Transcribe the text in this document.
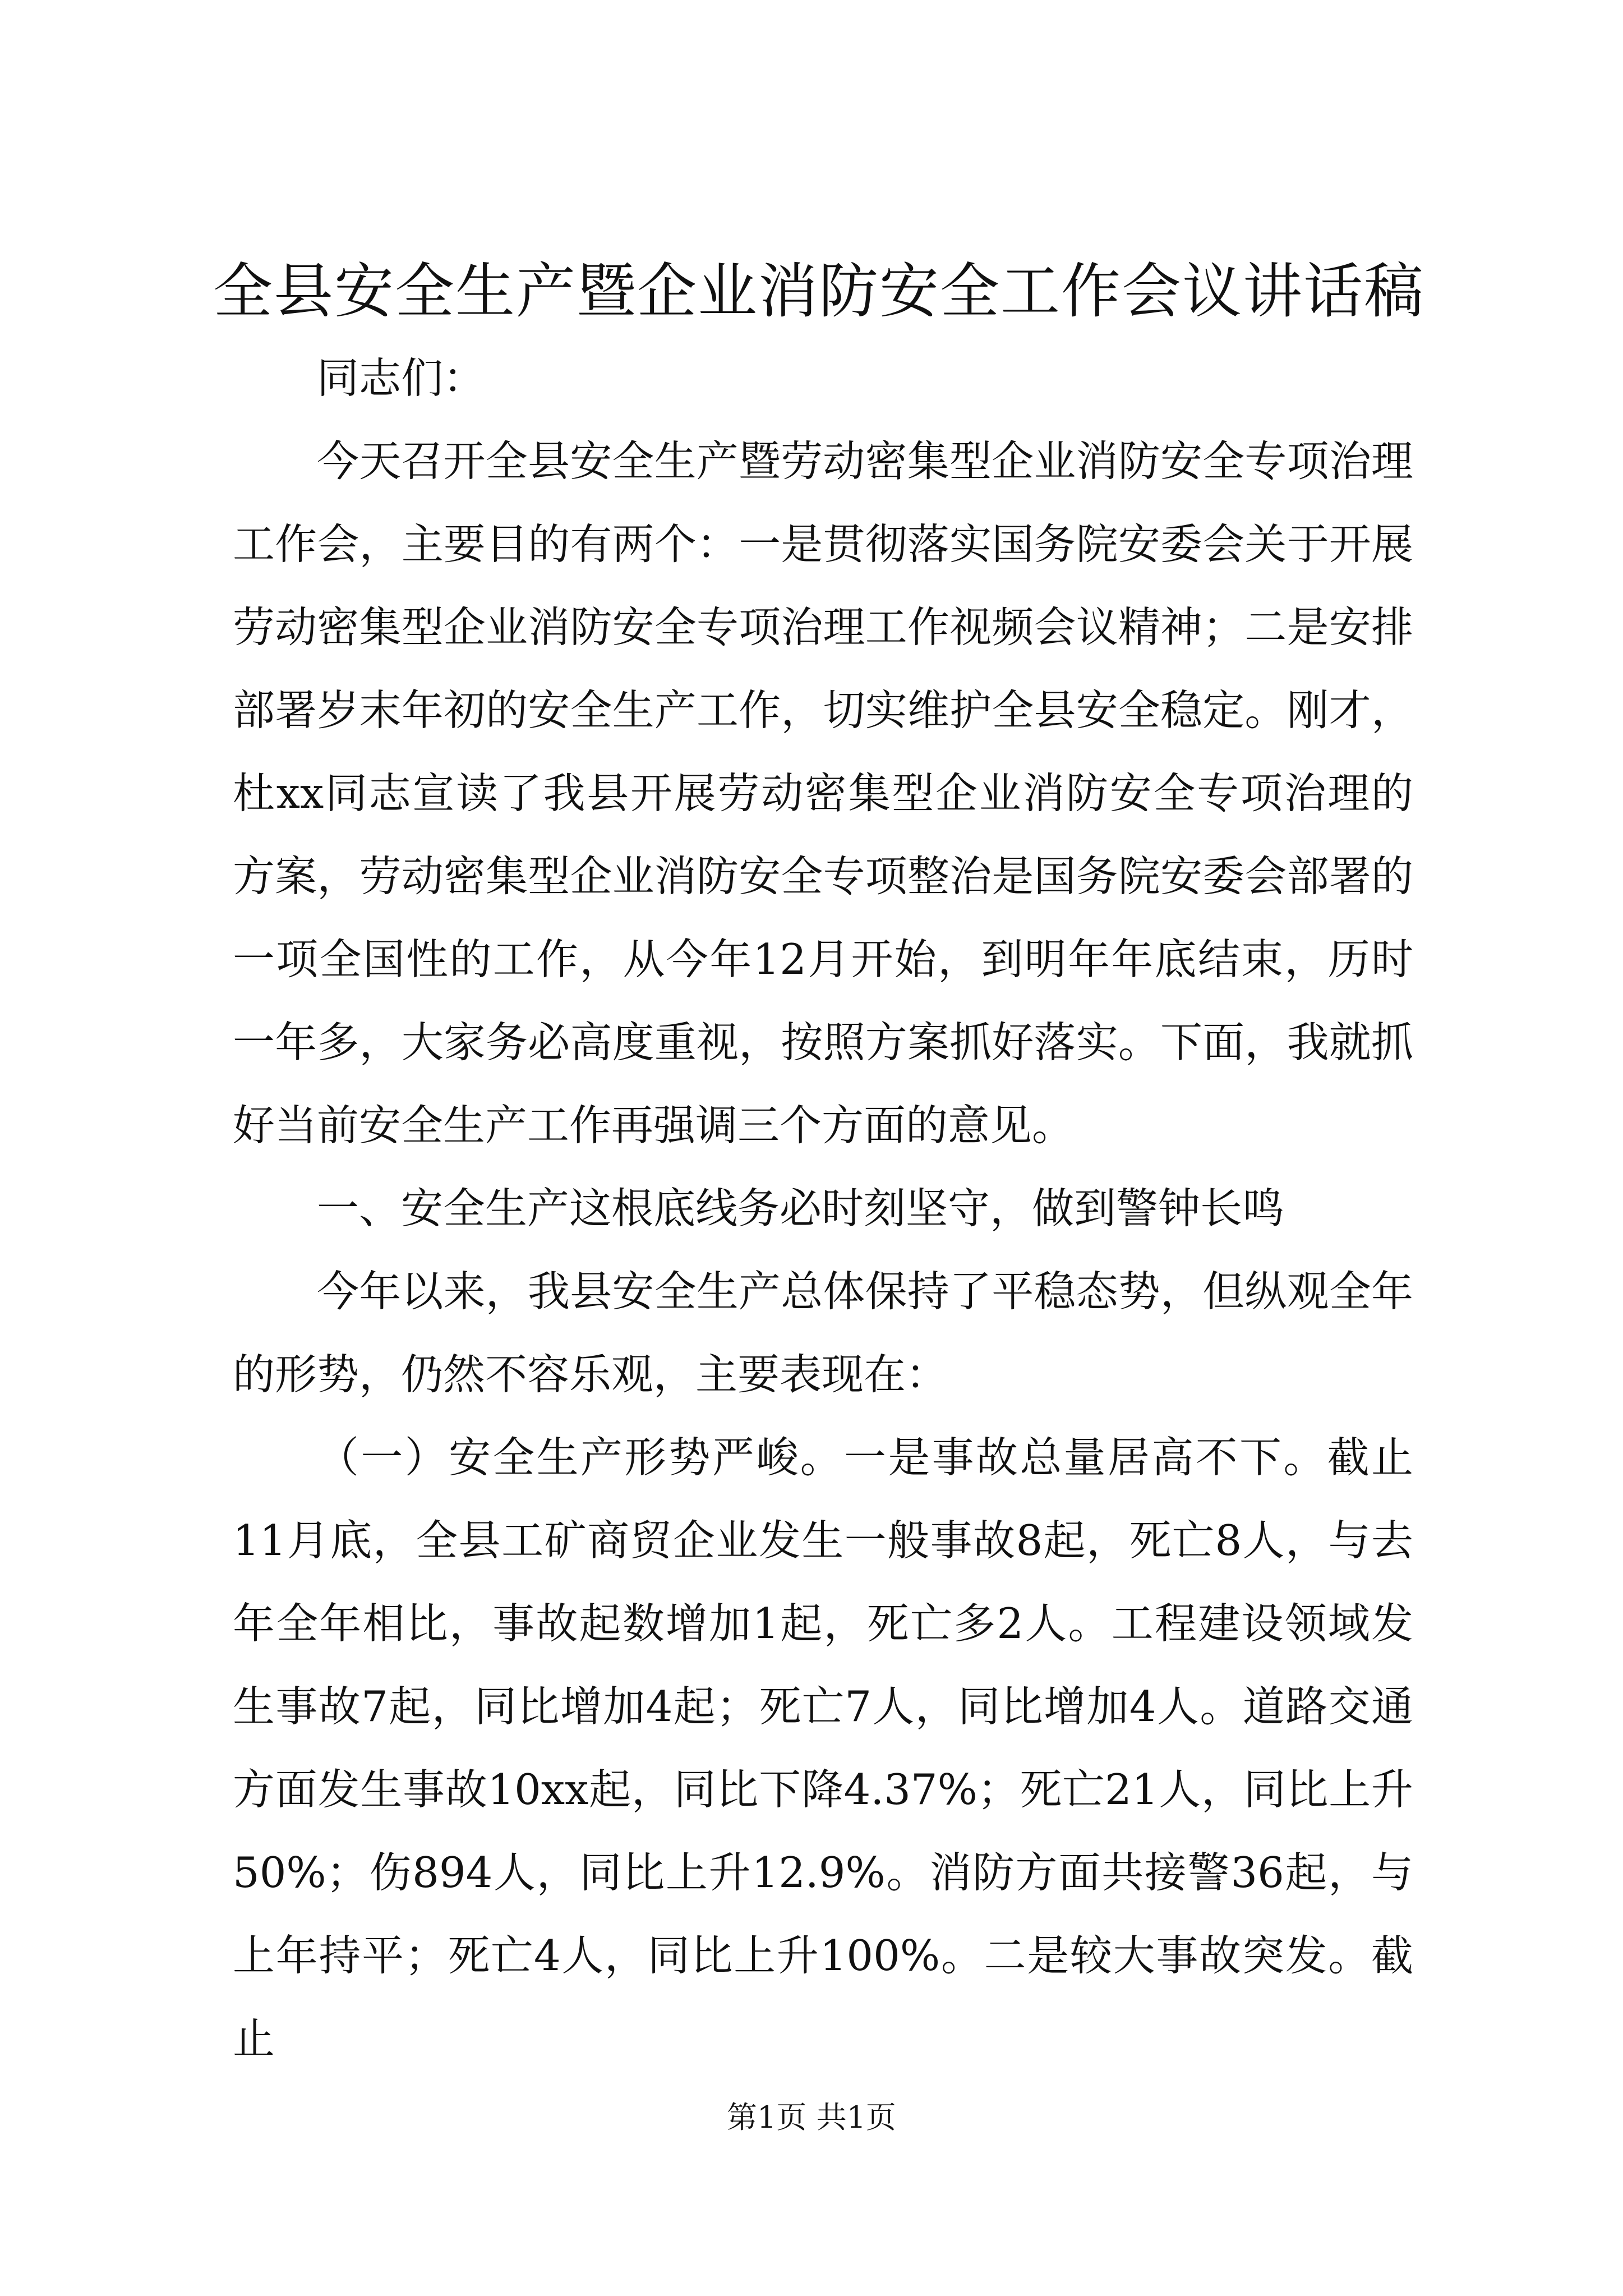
全县安全生产暨企业消防安全工作会议讲话稿

同志们：

今天召开全县安全生产暨劳动密集型企业消防安全专项治理工作会，主要目的有两个：一是贯彻落实国务院安委会关于开展劳动密集型企业消防安全专项治理工作视频会议精神；二是安排部署岁末年初的安全生产工作，切实维护全县安全稳定。刚才，杜xx同志宣读了我县开展劳动密集型企业消防安全专项治理的方案，劳动密集型企业消防安全专项整治是国务院安委会部署的一项全国性的工作，从今年12月开始，到明年年底结束，历时一年多，大家务必高度重视，按照方案抓好落实。下面，我就抓好当前安全生产工作再强调三个方面的意见。

一、安全生产这根底线务必时刻坚守，做到警钟长鸣

今年以来，我县安全生产总体保持了平稳态势，但纵观全年的形势，仍然不容乐观，主要表现在：

（一）安全生产形势严峻。一是事故总量居高不下。截止11月底，全县工矿商贸企业发生一般事故8起，死亡8人，与去年全年相比，事故起数增加1起，死亡多2人。工程建设领域发生事故7起，同比增加4起；死亡7人，同比增加4人。道路交通方面发生事故10xx起，同比下降4.37%；死亡21人，同比上升50%；伤894人，同比上升12.9%。消防方面共接警36起，与上年持平；死亡4人，同比上升100%。二是较大事故突发。截止

第1页 共1页
